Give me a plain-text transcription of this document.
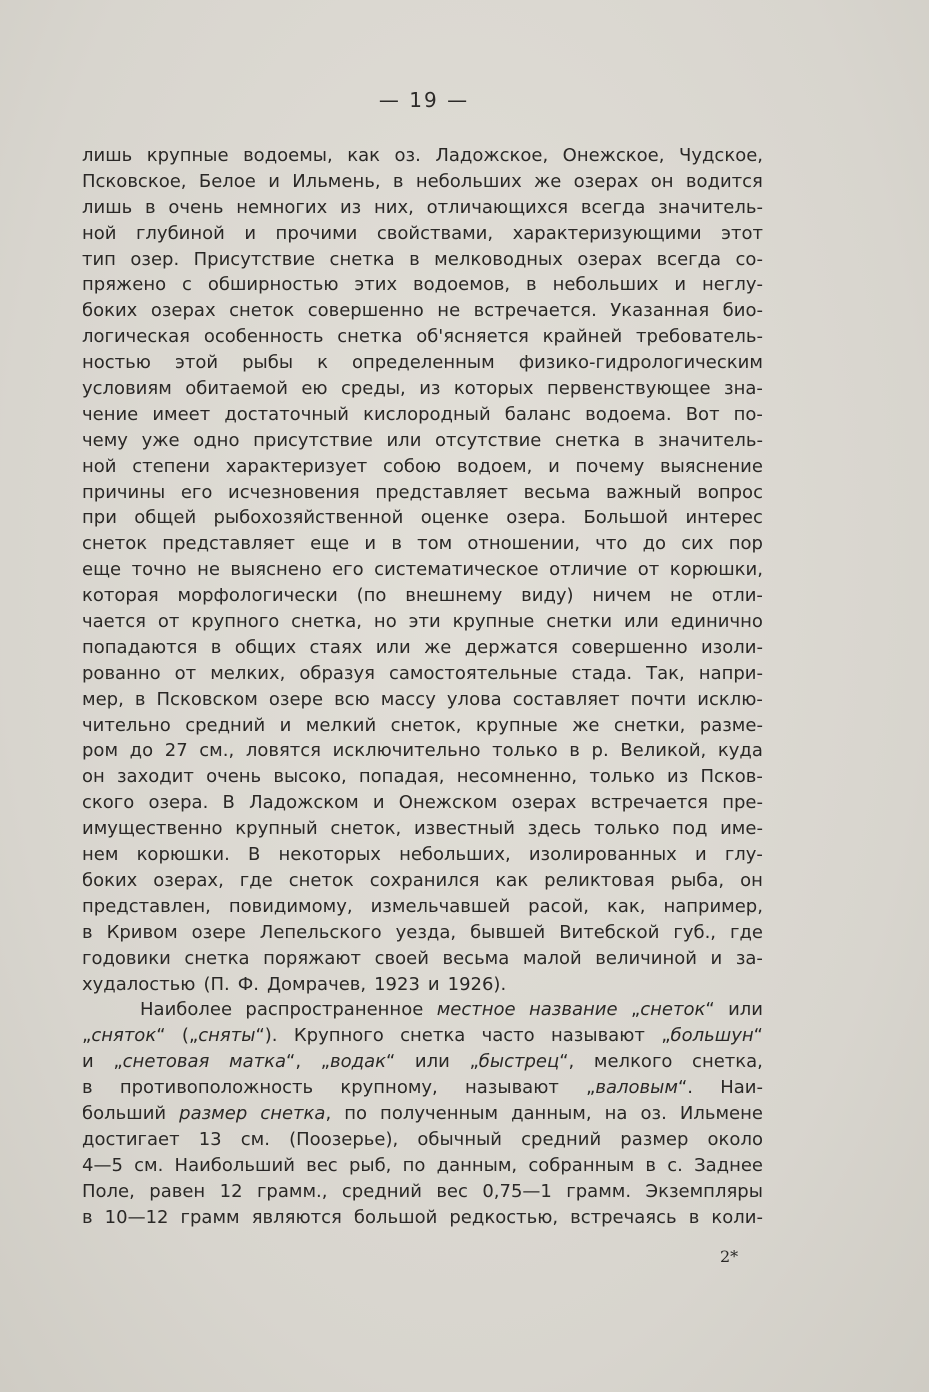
— 19 —
лишь крупные водоемы, как оз. Ладожское, Онежское, Чудское,
Псковское, Белое и Ильмень, в небольших же озерах он водится
лишь в очень немногих из них, отличающихся всегда значитель-
ной глубиной и прочими свойствами, характеризующими этот
тип озер. Присутствие снетка в мелководных озерах всегда со-
пряжено с обширностью этих водоемов, в небольших и неглу-
боких озерах снеток совершенно не встречается. Указанная био-
логическая особенность снетка об'ясняется крайней требователь-
ностью этой рыбы к определенным физико-гидрологическим
условиям обитаемой ею среды, из которых первенствующее зна-
чение имеет достаточный кислородный баланс водоема. Вот по-
чему уже одно присутствие или отсутствие снетка в значитель-
ной степени характеризует собою водоем, и почему выяснение
причины его исчезновения представляет весьма важный вопрос
при общей рыбохозяйственной оценке озера. Большой интерес
снеток представляет еще и в том отношении, что до сих пор
еще точно не выяснено его систематическое отличие от корюшки,
которая морфологически (по внешнему виду) ничем не отли-
чается от крупного снетка, но эти крупные снетки или единично
попадаются в общих стаях или же держатся совершенно изоли-
рованно от мелких, образуя самостоятельные стада. Так, напри-
мер, в Псковском озере всю массу улова составляет почти исклю-
чительно средний и мелкий снеток, крупные же снетки, разме-
ром до 27 см., ловятся исключительно только в р. Великой, куда
он заходит очень высоко, попадая, несомненно, только из Псков-
ского озера. В Ладожском и Онежском озерах встречается пре-
имущественно крупный снеток, известный здесь только под име-
нем корюшки. В некоторых небольших, изолированных и глу-
боких озерах, где снеток сохранился как реликтовая рыба, он
представлен, повидимому, измельчавшей расой, как, например,
в Кривом озере Лепельского уезда, бывшей Витебской губ., где
годовики снетка поряжают своей весьма малой величиной и за-
худалостью (П. Ф. Домрачев, 1923 и 1926).
Наиболее распространенное местное название „снеток“ или
„сняток“ („сняты“). Крупного снетка часто называют „большун“
и „снетовая матка“, „водак“ или „быстрец“, мелкого снетка,
в противоположность крупному, называют „валовым“. Наи-
больший размер снетка, по полученным данным, на оз. Ильмене
достигает 13 см. (Поозерье), обычный средний размер около
4—5 см. Наибольший вес рыб, по данным, собранным в с. Заднее
Поле, равен 12 грамм., средний вес 0,75—1 грамм. Экземпляры
в 10—12 грамм являются большой редкостью, встречаясь в коли-
2*
